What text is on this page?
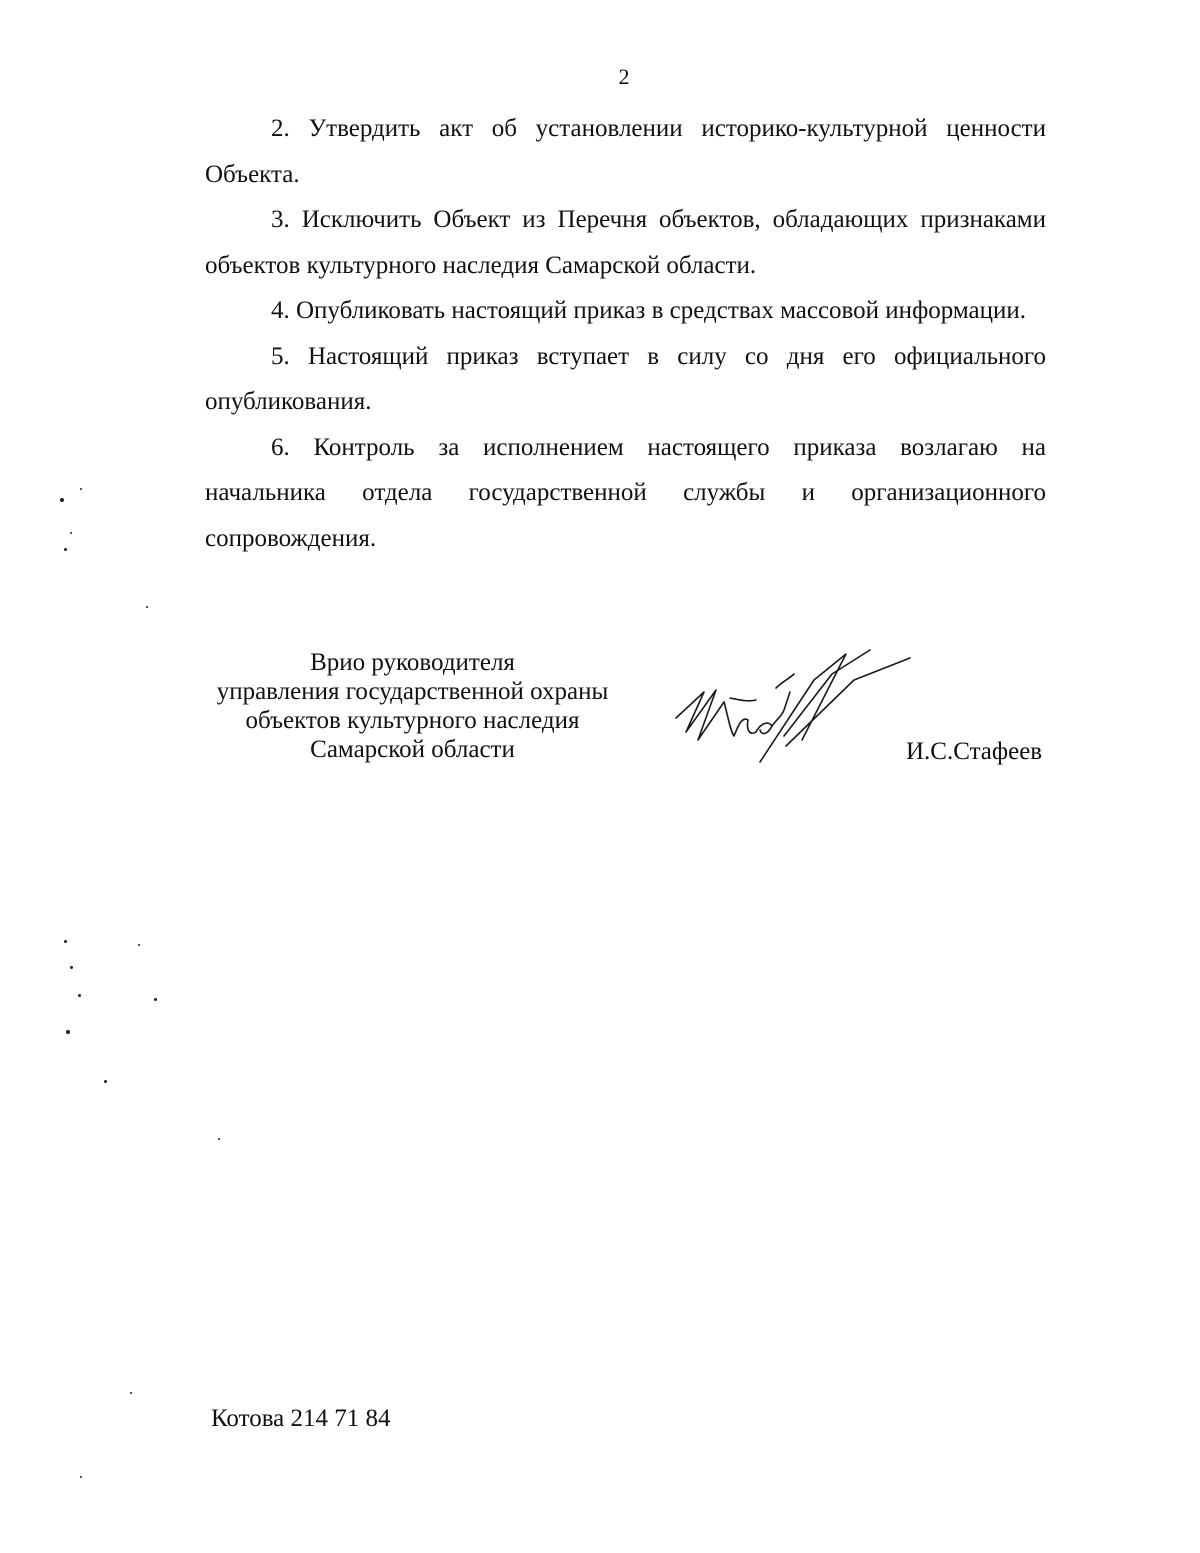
2

2. Утвердить акт об установлении историко-культурной ценности Объекта.

3. Исключить Объект из Перечня объектов, обладающих признаками объектов культурного наследия Самарской области.

4. Опубликовать настоящий приказ в средствах массовой информации.

5. Настоящий приказ вступает в силу со дня его официального опубликования.

6. Контроль за исполнением настоящего приказа возлагаю на начальника отдела государственной службы и организационного сопровождения.

Врио руководителя
управления государственной охраны
объектов культурного наследия
Самарской области	И.С.Стафеев
Котова 214 71 84
